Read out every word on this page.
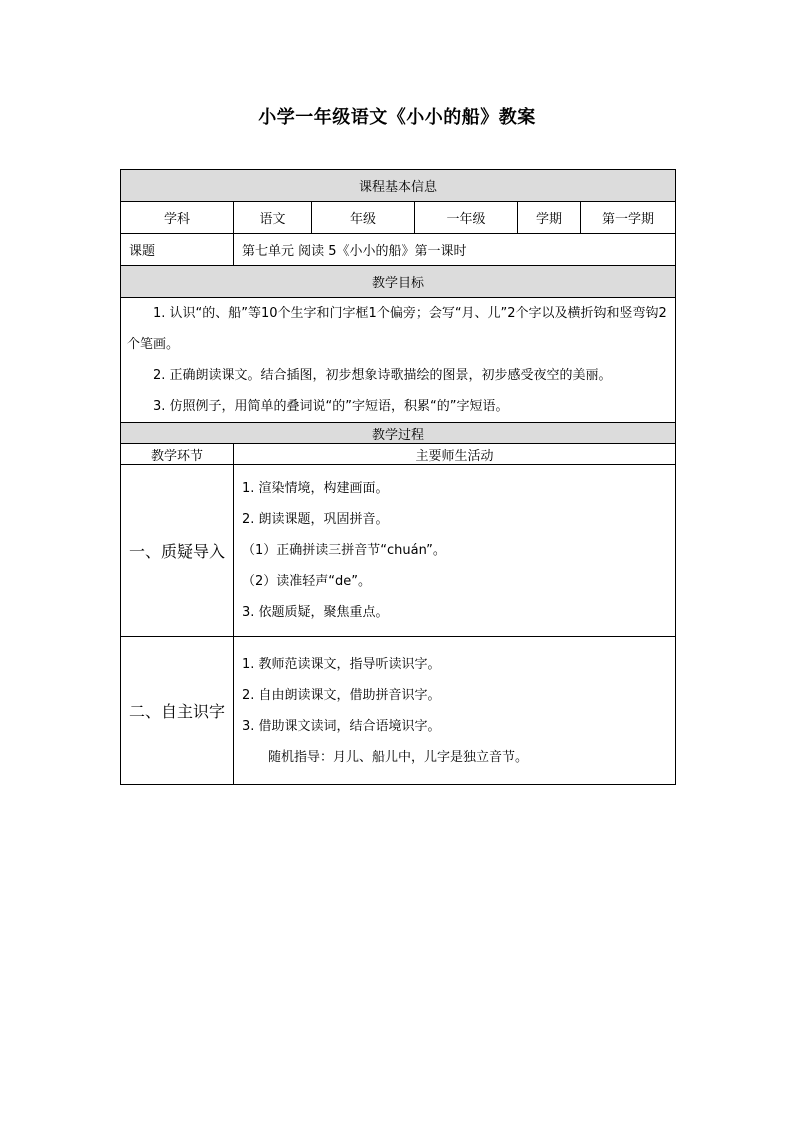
小学一年级语文《小小的船》教案
课程基本信息					
学科	语文	年级	一年级	学期	第一学期
课题	第七单元 阅读 5《小小的船》第一课时				
教学目标					

1. 认识“的、船”等10个生字和门字框1个偏旁；会写“月、儿”2个字以及横折钩和竖弯钩2个笔画。

2. 正确朗读课文。结合插图，初步想象诗歌描绘的图景，初步感受夜空的美丽。

3. 仿照例子，用简单的叠词说“的”字短语，积累“的”字短语。					

教学过程					
教学环节	主要师生活动				
一、质疑导入	1. 渲染情境，构建画面。

2. 朗读课题，巩固拼音。

（1）正确拼读三拼音节“chuán”。

（2）读准轻声“de”。

3. 依题质疑，聚焦重点。				

二、自主识字	1. 教师范读课文，指导听读识字。

2. 自由朗读课文，借助拼音识字。

3. 借助课文读词，结合语境识字。

随机指导：月儿、船儿中，儿字是独立音节。				
